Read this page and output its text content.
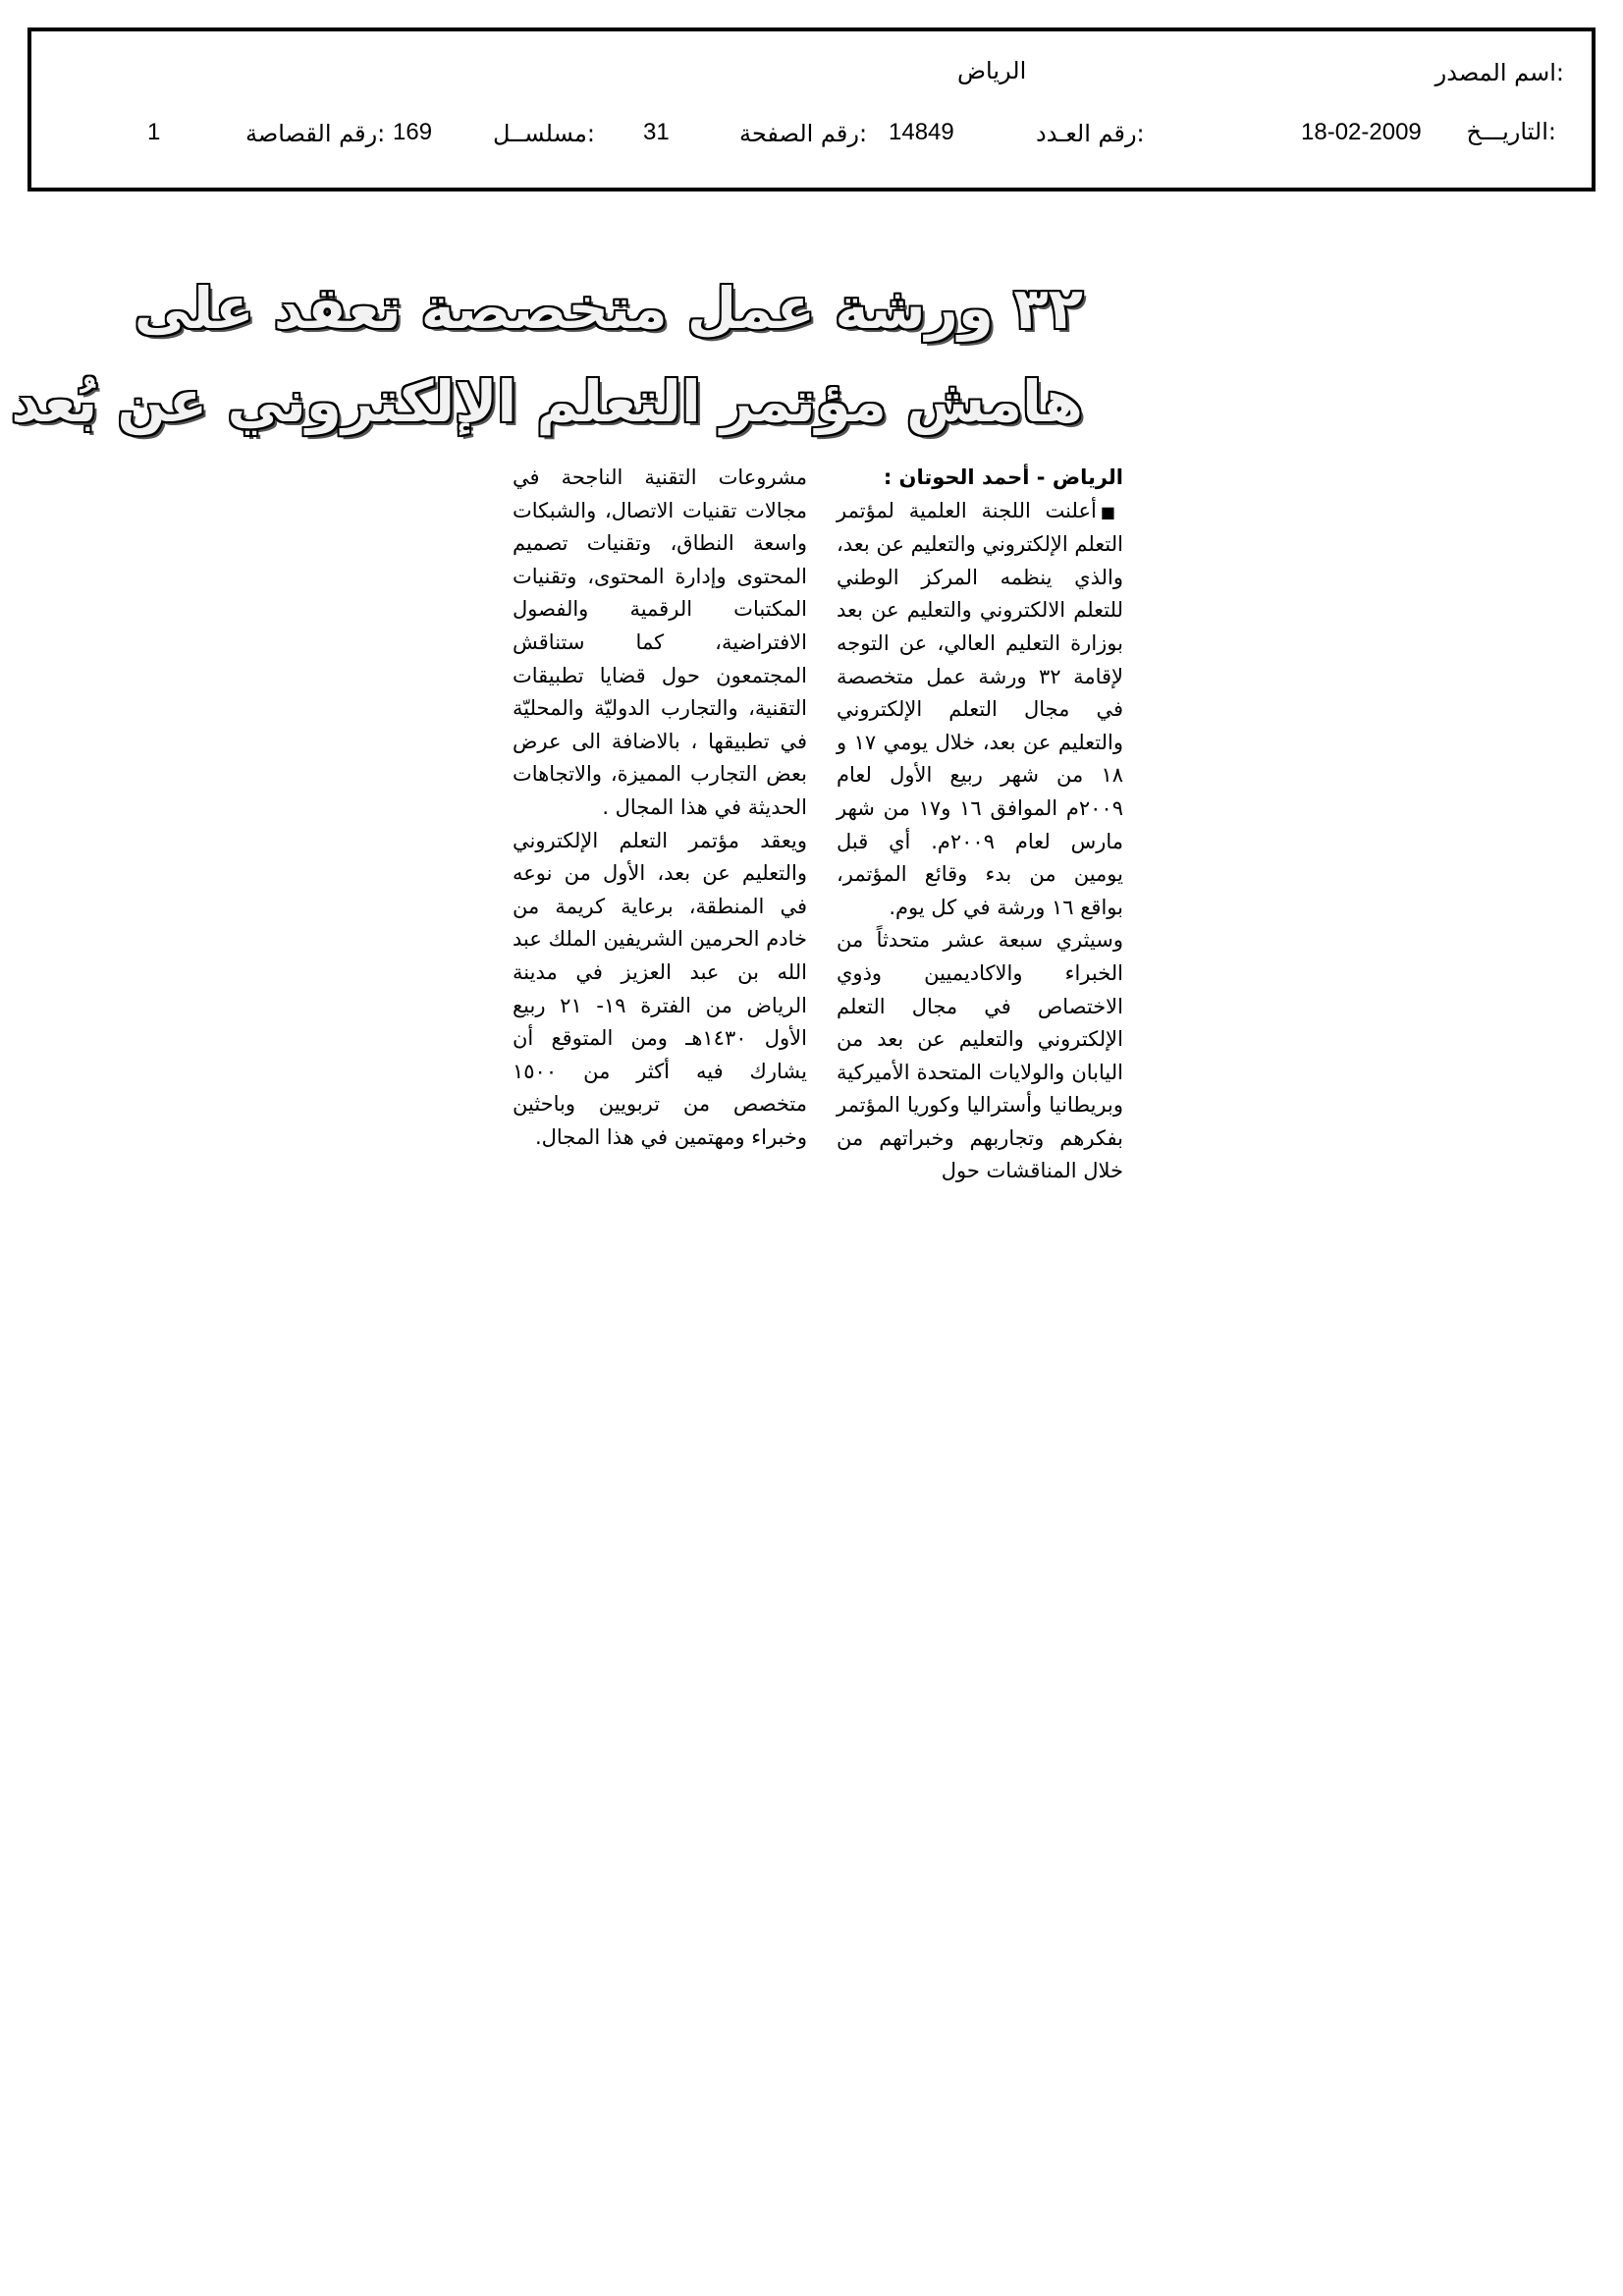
اسم المصدر:
الرياض
التاريـــخ:
18-02-2009
رقم العـدد:
14849
رقم الصفحة:
31
مسلســل:
169
رقم القصاصة:
1
٣٢ ورشة عمل متخصصة تعقد على
هامش مؤتمر التعلم الإلكتروني عن بُعد

الرياض - أحمد الحوتان :

■أعلنت اللجنة العلمية لمؤتمر التعلم الإلكتروني والتعليم عن بعد، والذي ينظمه المركز الوطني للتعلم الالكتروني والتعليم عن بعد بوزارة التعليم العالي، عن التوجه لإقامة ٣٢ ورشة عمل متخصصة في مجال التعلم الإلكتروني والتعليم عن بعد، خلال يومي ١٧ و ١٨ من شهر ربيع الأول لعام ٢٠٠٩م الموافق ١٦ و١٧ من شهر مارس لعام ٢٠٠٩م. أي قبل يومين من بدء وقائع المؤتمر، بواقع ١٦ ورشة في كل يوم.

وسيثري سبعة عشر متحدثاً من الخبراء والاكاديميين وذوي الاختصاص في مجال التعلم الإلكتروني والتعليم عن بعد من اليابان والولايات المتحدة الأميركية وبريطانيا وأستراليا وكوريا المؤتمر بفكرهم وتجاربهم وخبراتهم من خلال المناقشات حول

مشروعات التقنية الناجحة في مجالات تقنيات الاتصال، والشبكات واسعة النطاق، وتقنيات تصميم المحتوى وإدارة المحتوى، وتقنيات المكتبات الرقمية والفصول الافتراضية، كما ستناقش المجتمعون حول قضايا تطبيقات التقنية، والتجارب الدوليّة والمحليّة في تطبيقها ، بالاضافة الى عرض بعض التجارب المميزة، والاتجاهات الحديثة في هذا المجال .

ويعقد مؤتمر التعلم الإلكتروني والتعليم عن بعد، الأول من نوعه في المنطقة، برعاية كريمة من خادم الحرمين الشريفين الملك عبد الله بن عبد العزيز في مدينة الرياض من الفترة ١٩- ٢١ ربيع الأول ١٤٣٠هـ ومن المتوقع أن يشارك فيه أكثر من ١٥٠٠ متخصص من تربويين وباحثين وخبراء ومهتمين في هذا المجال.
